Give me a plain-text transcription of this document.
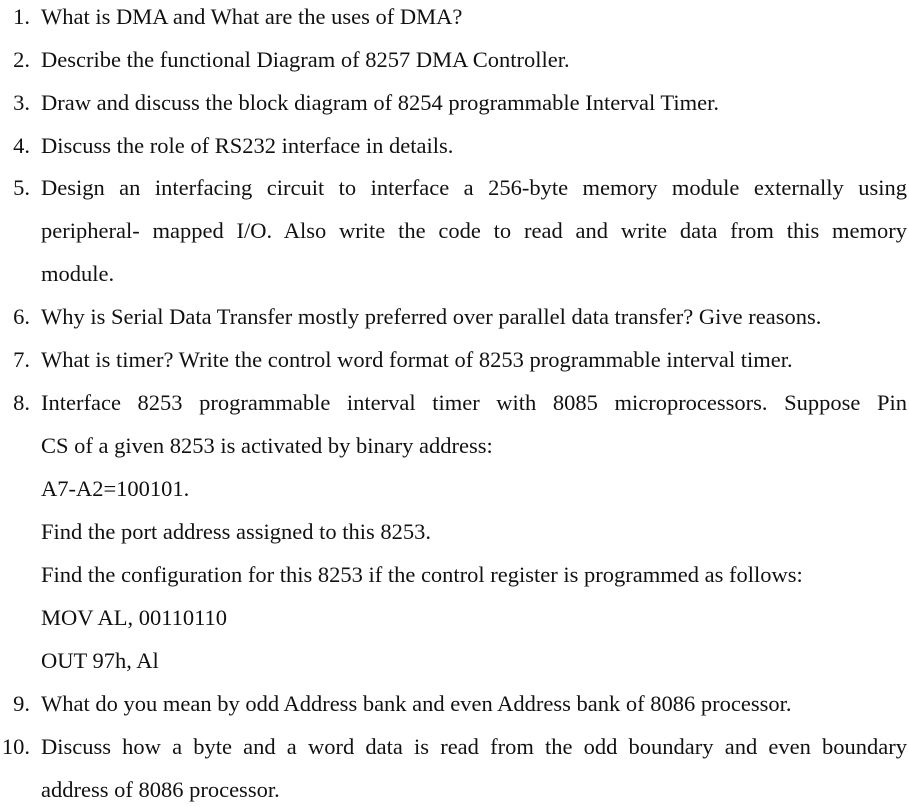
1. What is DMA and What are the uses of DMA?
2. Describe the functional Diagram of 8257 DMA Controller.
3. Draw and discuss the block diagram of 8254 programmable Interval Timer.
4. Discuss the role of RS232 interface in details.
5. Design an interfacing circuit to interface a 256-byte memory module externally using
peripheral- mapped I/O. Also write the code to read and write data from this memory
module.
6. Why is Serial Data Transfer mostly preferred over parallel data transfer? Give reasons.
7. What is timer? Write the control word format of 8253 programmable interval timer.
8. Interface 8253 programmable interval timer with 8085 microprocessors. Suppose Pin
CS of a given 8253 is activated by binary address:
A7-A2=100101.
Find the port address assigned to this 8253.
Find the configuration for this 8253 if the control register is programmed as follows:
MOV AL, 00110110
OUT 97h, Al
9. What do you mean by odd Address bank and even Address bank of 8086 processor.
10. Discuss how a byte and a word data is read from the odd boundary and even boundary
address of 8086 processor.
